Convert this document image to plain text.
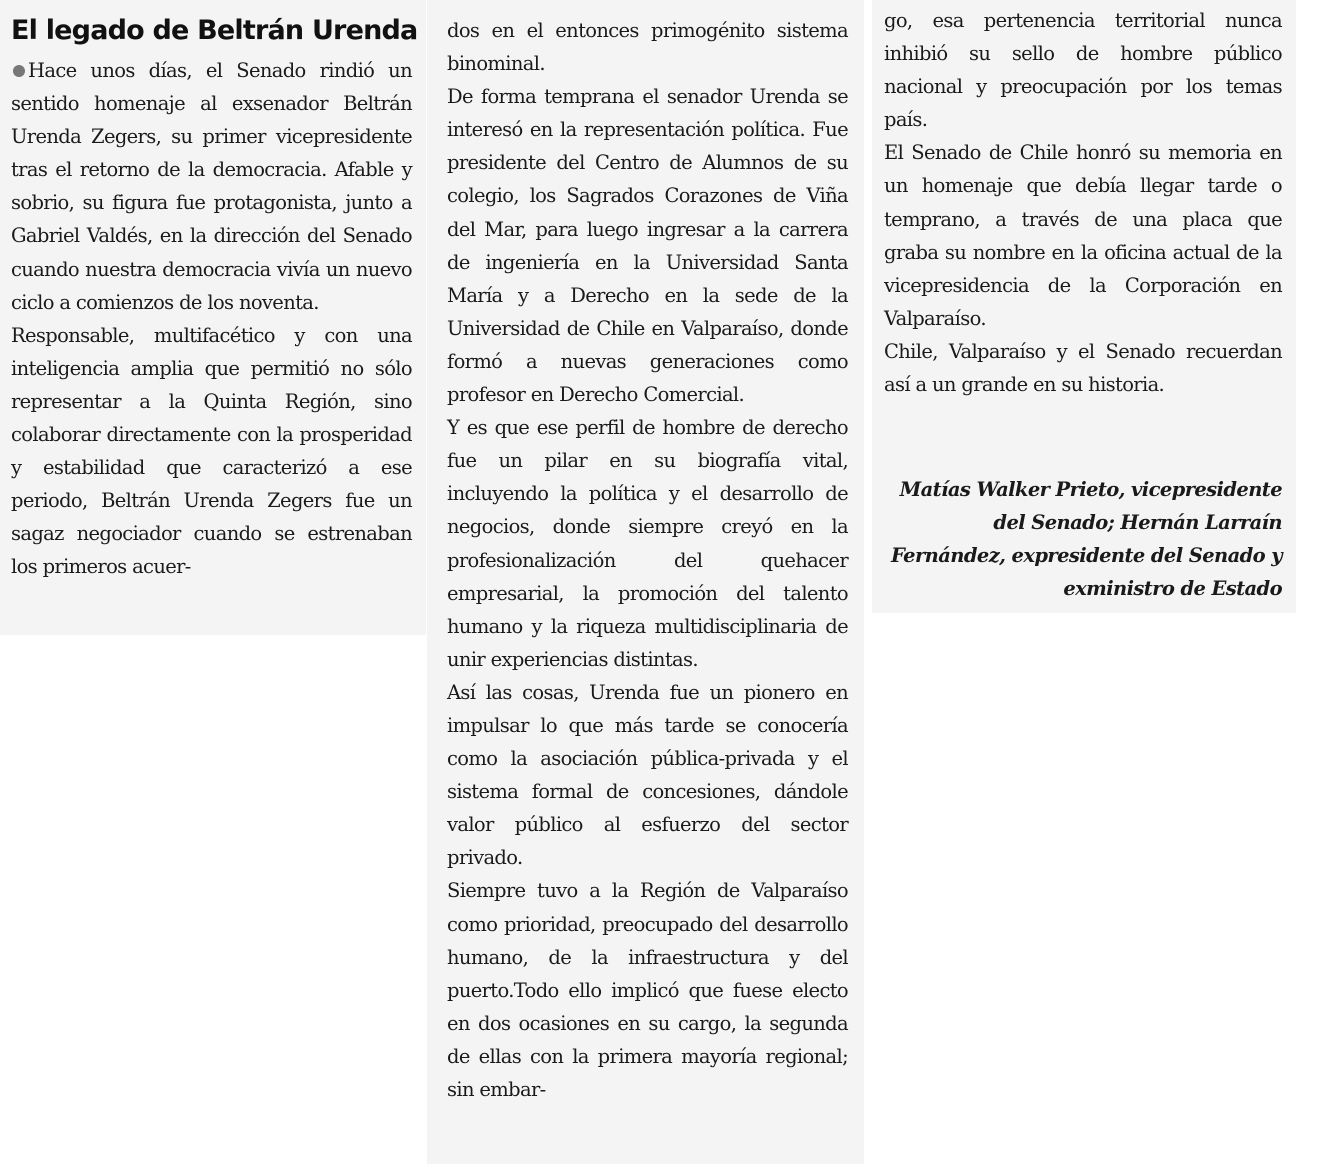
El legado de Beltrán Urenda

Hace unos días, el Senado rindió un sentido homenaje al exsenador Beltrán Urenda Zegers, su primer vicepresidente tras el retorno de la democracia. Afable y sobrio, su figura fue protagonista, junto a Gabriel Valdés, en la dirección del Senado cuando nuestra democracia vivía un nuevo ciclo a comienzos de los noventa.

Responsable, multifacético y con una inteligencia amplia que permitió no sólo representar a la Quinta Región, sino colaborar directamente con la prosperidad y estabilidad que caracterizó a ese periodo, Beltrán Urenda Zegers fue un sagaz negociador cuando se estrenaban los primeros acuer-

dos en el entonces primogénito sistema binominal.

De forma temprana el senador Urenda se interesó en la representación política. Fue presidente del Centro de Alumnos de su colegio, los Sagrados Corazones de Viña del Mar, para luego ingresar a la carrera de ingeniería en la Universidad Santa María y a Derecho en la sede de la Universidad de Chile en Valparaíso, donde formó a nuevas generaciones como profesor en Derecho Comercial.

Y es que ese perfil de hombre de derecho fue un pilar en su biografía vital, incluyendo la política y el desarrollo de negocios, donde siempre creyó en la profesionalización del quehacer empresarial, la promoción del talento humano y la riqueza multidisciplinaria de unir experiencias distintas.

Así las cosas, Urenda fue un pionero en impulsar lo que más tarde se conocería como la asociación pública-privada y el sistema formal de concesiones, dándole valor público al esfuerzo del sector privado.

Siempre tuvo a la Región de Valparaíso como prioridad, preocupado del desarrollo humano, de la infraestructura y del puerto.Todo ello implicó que fuese electo en dos ocasiones en su cargo, la segunda de ellas con la primera mayoría regional; sin embar-

go, esa pertenencia territorial nunca inhibió su sello de hombre público nacional y preocupación por los temas país.

El Senado de Chile honró su memoria en un homenaje que debía llegar tarde o temprano, a través de una placa que graba su nombre en la oficina actual de la vicepresidencia de la Corporación en Valparaíso.

Chile, Valparaíso y el Senado recuerdan así a un grande en su historia.

Matías Walker Prieto, vicepresidente del Senado; Hernán Larraín Fernández, expresidente del Senado y exministro de Estado
